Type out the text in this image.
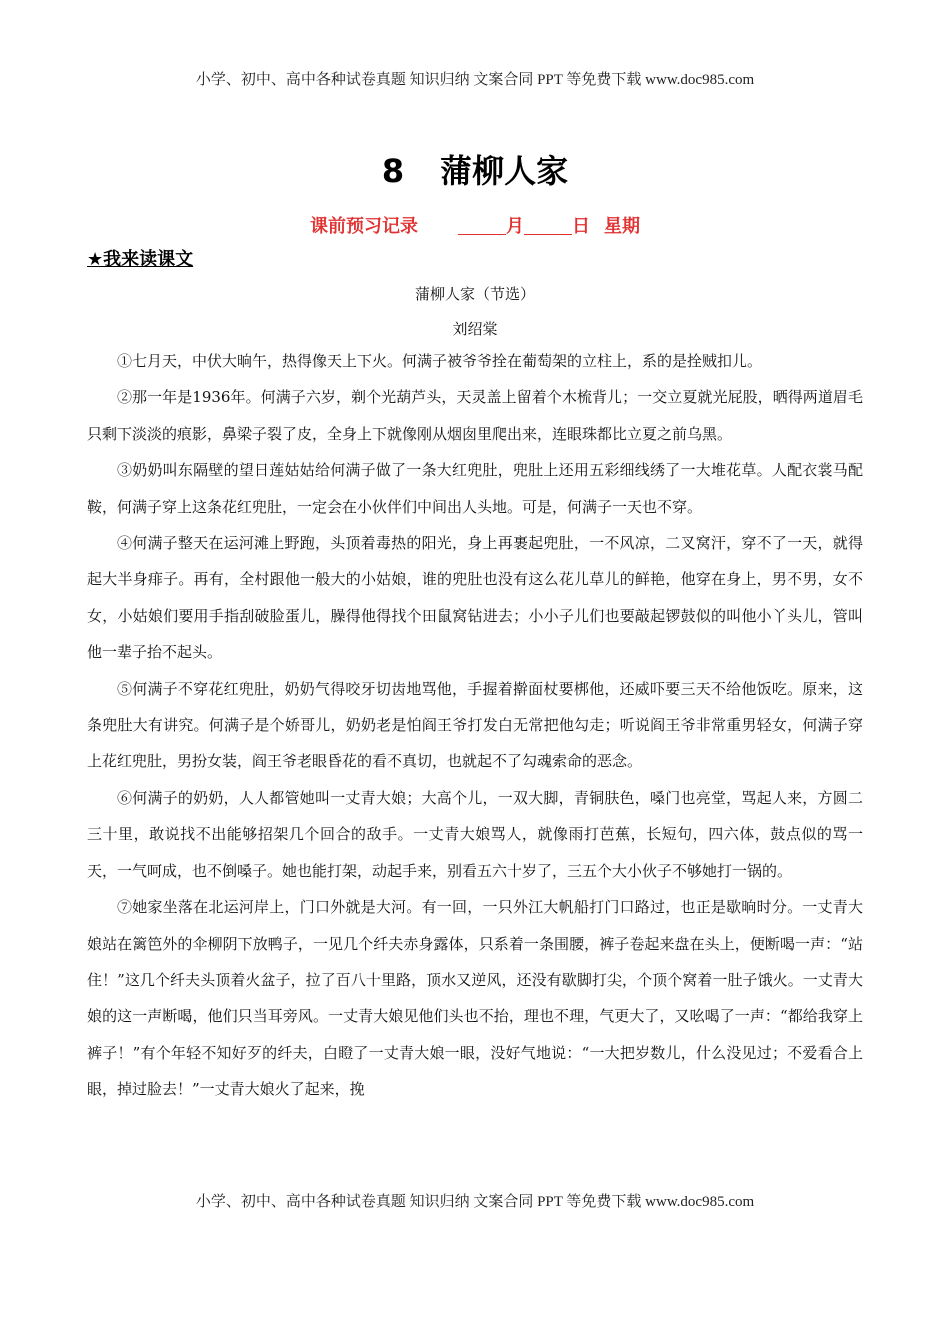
小学、初中、高中各种试卷真题 知识归纳 文案合同 PPT 等免费下载 www.doc985.com
8 蒲柳人家
课前预习记录	月	日 星期
★我来读课文
蒲柳人家（节选）
刘绍棠

①七月天，中伏大晌午，热得像天上下火。何满子被爷爷拴在葡萄架的立柱上，系的是拴贼扣儿。

②那一年是1936年。何满子六岁，剃个光葫芦头，天灵盖上留着个木梳背儿；一交立夏就光屁股，晒得两道眉毛只剩下淡淡的痕影，鼻梁子裂了皮，全身上下就像刚从烟囱里爬出来，连眼珠都比立夏之前乌黑。

③奶奶叫东隔壁的望日莲姑姑给何满子做了一条大红兜肚，兜肚上还用五彩细线绣了一大堆花草。人配衣裳马配鞍，何满子穿上这条花红兜肚，一定会在小伙伴们中间出人头地。可是，何满子一天也不穿。

④何满子整天在运河滩上野跑，头顶着毒热的阳光，身上再裹起兜肚，一不风凉，二叉窝汗，穿不了一天，就得起大半身痱子。再有，全村跟他一般大的小姑娘，谁的兜肚也没有这么花儿草儿的鲜艳，他穿在身上，男不男，女不女，小姑娘们要用手指刮破脸蛋儿，臊得他得找个田鼠窝钻进去；小小子儿们也要敲起锣鼓似的叫他小丫头儿，管叫他一辈子抬不起头。

⑤何满子不穿花红兜肚，奶奶气得咬牙切齿地骂他，手握着擀面杖要梆他，还威吓要三天不给他饭吃。原来，这条兜肚大有讲究。何满子是个娇哥儿，奶奶老是怕阎王爷打发白无常把他勾走；听说阎王爷非常重男轻女，何满子穿上花红兜肚，男扮女装，阎王爷老眼昏花的看不真切，也就起不了勾魂索命的恶念。

⑥何满子的奶奶，人人都管她叫一丈青大娘；大高个儿，一双大脚，青铜肤色，嗓门也亮堂，骂起人来，方圆二三十里，敢说找不出能够招架几个回合的敌手。一丈青大娘骂人，就像雨打芭蕉，长短句，四六体，鼓点似的骂一天，一气呵成，也不倒嗓子。她也能打架，动起手来，别看五六十岁了，三五个大小伙子不够她打一锅的。

⑦她家坐落在北运河岸上，门口外就是大河。有一回，一只外江大帆船打门口路过，也正是歇晌时分。一丈青大娘站在篱笆外的伞柳阴下放鸭子，一见几个纤夫赤身露体，只系着一条围腰，裤子卷起来盘在头上，便断喝一声：“站住！”这几个纤夫头顶着火盆子，拉了百八十里路，顶水又逆风，还没有歇脚打尖，个顶个窝着一肚子饿火。一丈青大娘的这一声断喝，他们只当耳旁风。一丈青大娘见他们头也不抬，理也不理，气更大了，又吆喝了一声：“都给我穿上裤子！”有个年轻不知好歹的纤夫，白瞪了一丈青大娘一眼，没好气地说：“一大把岁数儿，什么没见过；不爱看合上眼，掉过脸去！”一丈青大娘火了起来，挽

小学、初中、高中各种试卷真题 知识归纳 文案合同 PPT 等免费下载 www.doc985.com
